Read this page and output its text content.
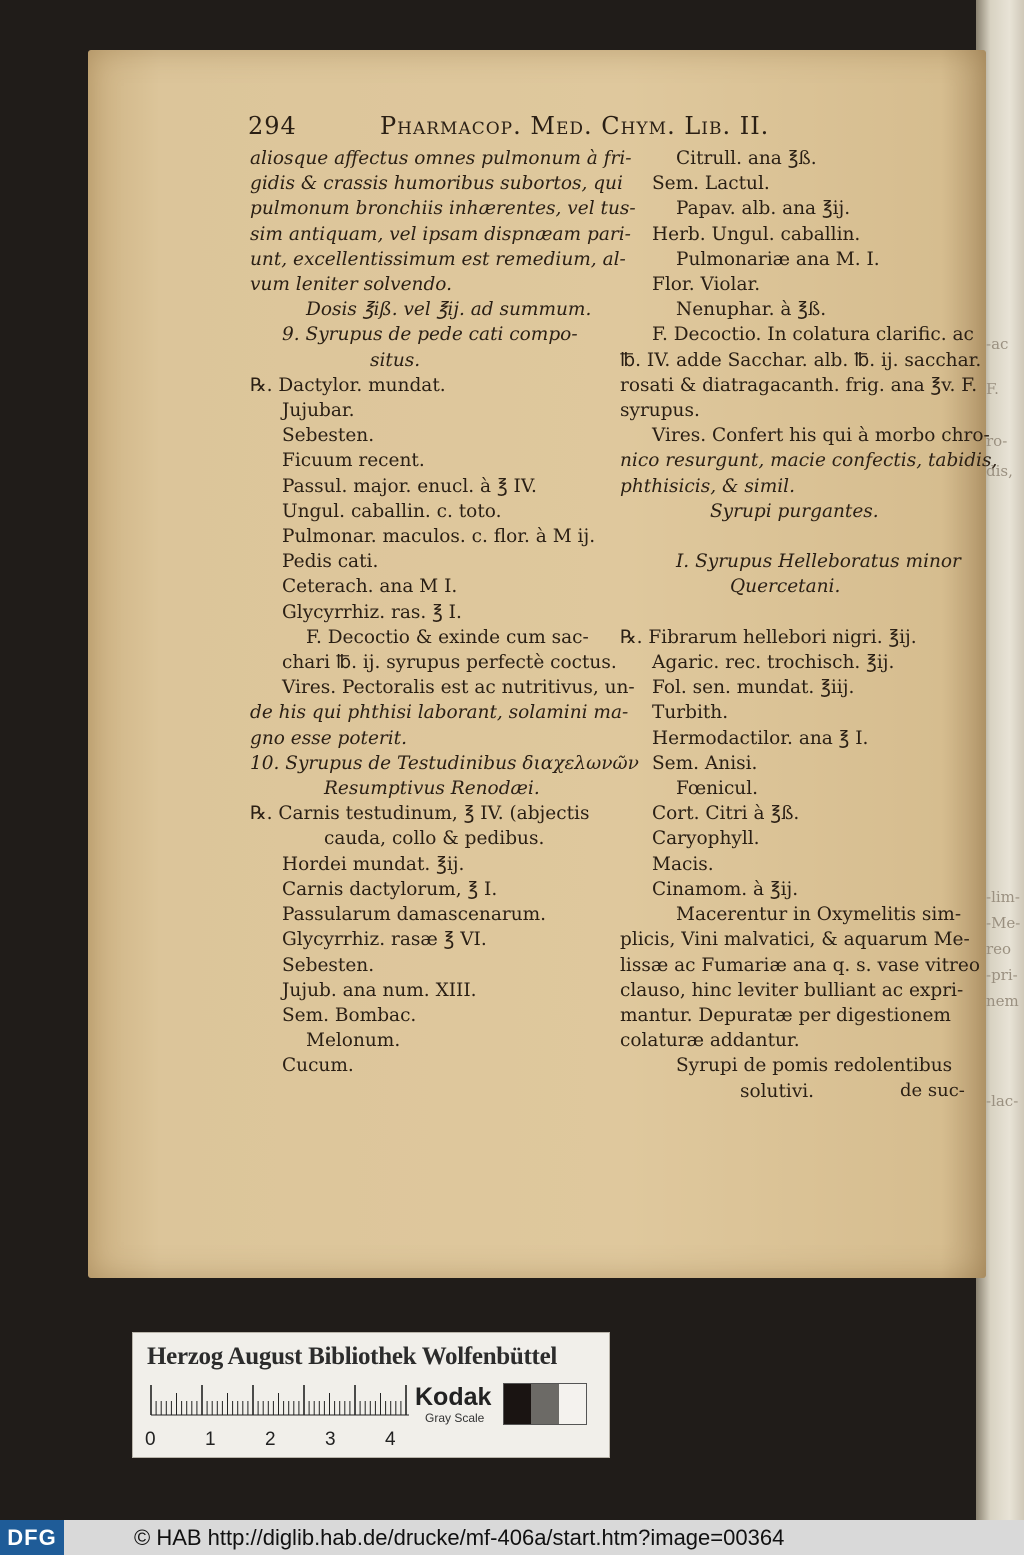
-ac
F.
ro-
dis,
-lim-
-Me-
reo
-pri-
nem
-lac-
294	Pharmacop. Med. Chym. Lib. II.
aliosque affectus omnes pulmonum à fri-
gidis & crassis humoribus subortos, qui
pulmonum bronchiis inhærentes, vel tus-
sim antiquam, vel ipsam dispnæam pari-
unt, excellentissimum est remedium, al-
vum leniter solvendo.
Dosis ℥iß. vel ℥ij. ad summum.
9. Syrupus de pede cati compo-
situs.
℞. Dactylor. mundat.
Jujubar.
Sebesten.
Ficuum recent.
Passul. major. enucl. à ℥ IV.
Ungul. caballin. c. toto.
Pulmonar. maculos. c. flor. à M ij.
Pedis cati.
Ceterach. ana M I.
Glycyrrhiz. ras. ℥ I.
F. Decoctio & exinde cum sac-
chari ℔. ij. syrupus perfectè coctus.
Vires. Pectoralis est ac nutritivus, un-
de his qui phthisi laborant, solamini ma-
gno esse poterit.
10. Syrupus de Testudinibus διαχελωνῶν
Resumptivus Renodæi.
℞. Carnis testudinum, ℥ IV. (abjectis
cauda, collo & pedibus.
Hordei mundat. ℥ij.
Carnis dactylorum, ℥ I.
Passularum damascenarum.
Glycyrrhiz. rasæ ℥ VI.
Sebesten.
Jujub. ana num. XIII.
Sem. Bombac.
Melonum.
Cucum.
Citrull. ana ℥ß.
Sem. Lactul.
Papav. alb. ana ℥ij.
Herb. Ungul. caballin.
Pulmonariæ ana M. I.
Flor. Violar.
Nenuphar. à ℥ß.
F. Decoctio. In colatura clarific. ac
℔. IV. adde Sacchar. alb. ℔. ij. sacchar.
rosati & diatragacanth. frig. ana ℥v. F.
syrupus.
Vires. Confert his qui à morbo chro-
nico resurgunt, macie confectis, tabidis,
phthisicis, & simil.
Syrupi purgantes.

I. Syrupus Helleboratus minor
Quercetani.

℞. Fibrarum hellebori nigri. ℥ij.
Agaric. rec. trochisch. ℥ij.
Fol. sen. mundat. ℥iij.
Turbith.
Hermodactilor. ana ℥ I.
Sem. Anisi.
Fœnicul.
Cort. Citri à ℥ß.
Caryophyll.
Macis.
Cinamom. à ℥ij.
Macerentur in Oxymelitis sim-
plicis, Vini malvatici, & aquarum Me-
lissæ ac Fumariæ ana q. s. vase vitreo
clauso, hinc leviter bulliant ac expri-
mantur. Depuratæ per digestionem
colaturæ addantur.
Syrupi de pomis redolentibus
solutivi.	de suc-
Herzog August Bibliothek Wolfenbüttel
0	1	2	3	4
Kodak
Gray Scale
DFG	© HAB http://diglib.hab.de/drucke/mf-406a/start.htm?image=00364
